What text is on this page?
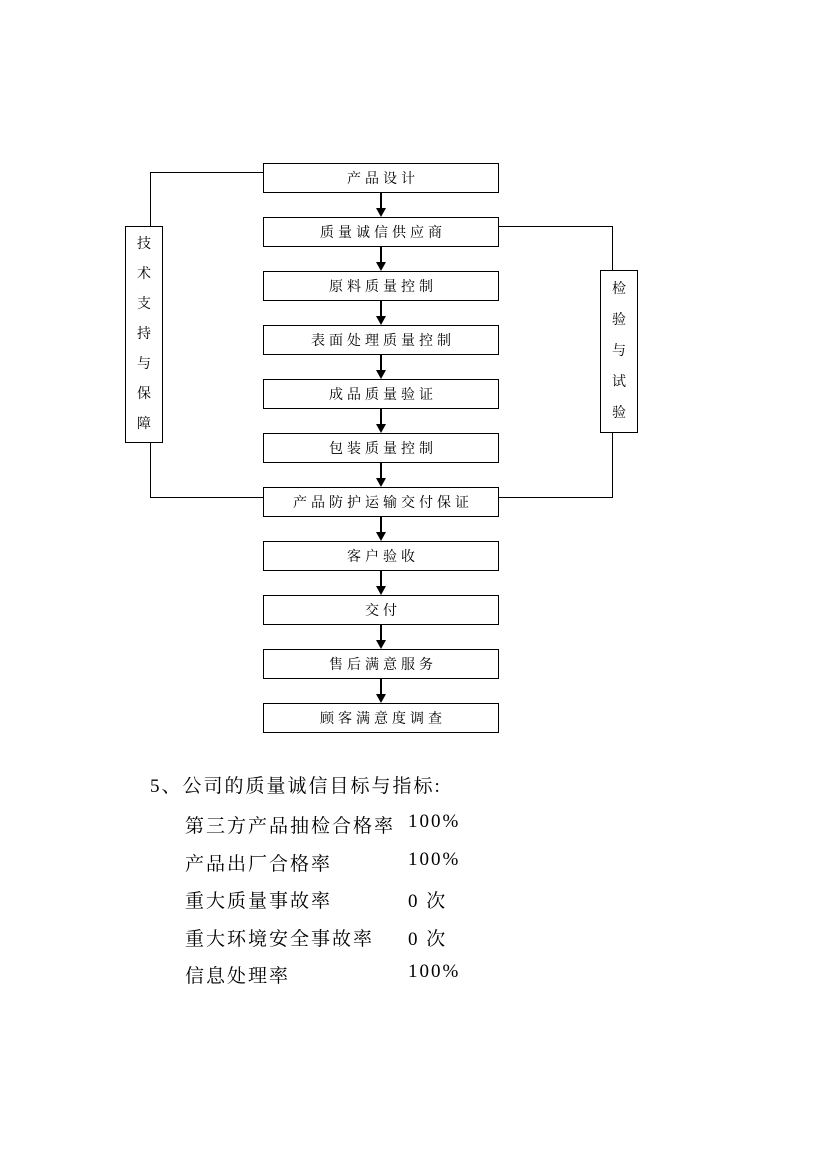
产品设计
质量诚信供应商
原料质量控制
表面处理质量控制
成品质量验证
包装质量控制
产品防护运输交付保证
客户验收
交付
售后满意服务
顾客满意度调查
技术支持与保障
检验与试验
5、公司的质量诚信目标与指标:
第三方产品抽检合格率 100%
产品出厂合格率	100%
重大质量事故率	0 次
重大环境安全事故率 0 次
信息处理率	100%
